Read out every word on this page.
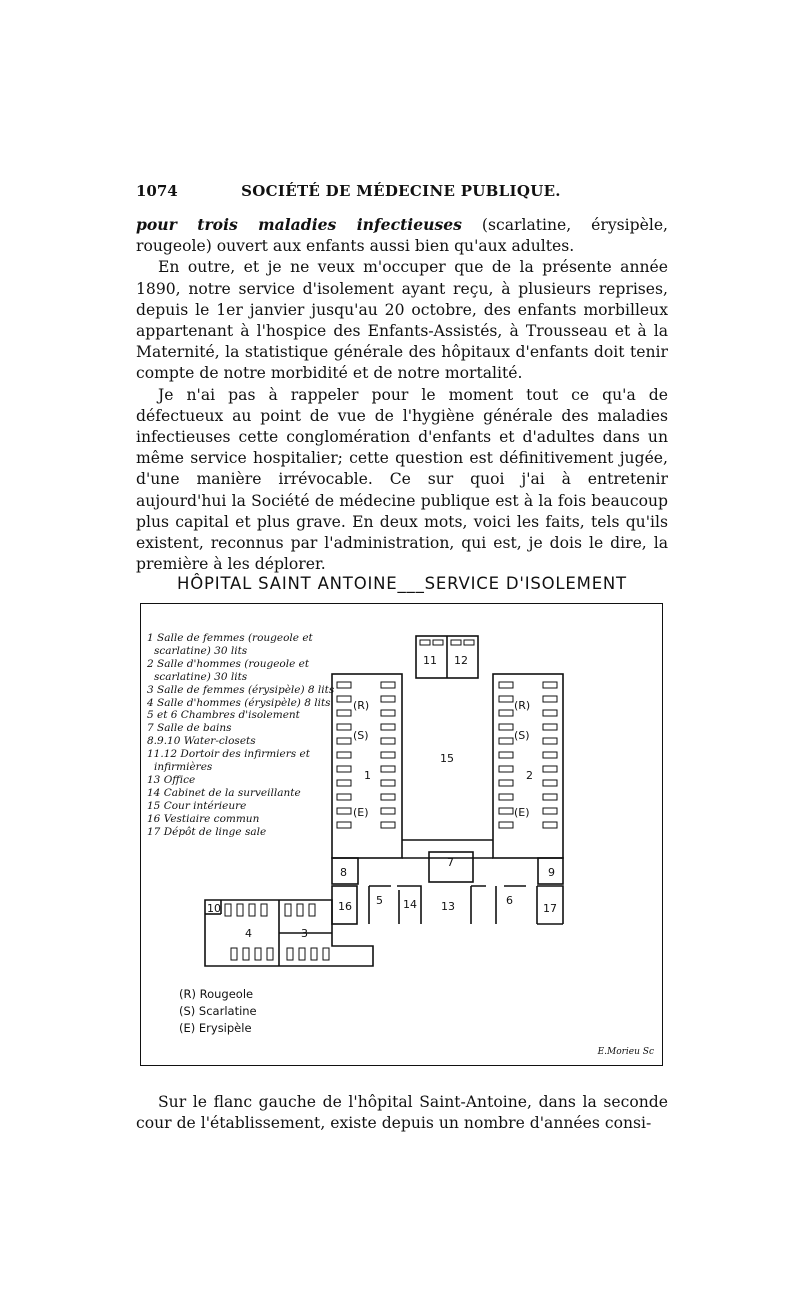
1074	SOCIÉTÉ DE MÉDECINE PUBLIQUE.

pour trois maladies infectieuses (scarlatine, érysipèle, rougeole) ouvert aux enfants aussi bien qu'aux adultes.

En outre, et je ne veux m'occuper que de la présente année 1890, notre service d'isolement ayant reçu, à plusieurs reprises, depuis le 1er janvier jusqu'au 20 octobre, des enfants morbilleux appartenant à l'hospice des Enfants-Assistés, à Trousseau et à la Maternité, la statistique générale des hôpitaux d'enfants doit tenir compte de notre morbidité et de notre mortalité.

Je n'ai pas à rappeler pour le moment tout ce qu'a de défectueux au point de vue de l'hygiène générale des maladies infectieuses cette conglomération d'enfants et d'adultes dans un même service hospitalier; cette question est définitivement jugée, d'une manière irrévocable. Ce sur quoi j'ai à entretenir aujourd'hui la Société de médecine publique est à la fois beaucoup plus capital et plus grave. En deux mots, voici les faits, tels qu'ils existent, reconnus par l'administration, qui est, je dois le dire, la première à les déplorer.

HÔPITAL SAINT ANTOINE___SERVICE D'ISOLEMENT
1	2
3
4
5	6
7
8	9
10
11 12
13
14
15
16	17
(R)	(R)
(S)	(S)
(E)	(E)
1 Salle de femmes (rougeole et
scarlatine) 30 lits
2 Salle d'hommes (rougeole et
scarlatine) 30 lits
3 Salle de femmes (érysipèle) 8 lits
4 Salle d'hommes (érysipèle) 8 lits
5 et 6 Chambres d'isolement
7 Salle de bains
8.9.10 Water-closets
11.12 Dortoir des infirmiers et
infirmières
13 Office
14 Cabinet de la surveillante
15 Cour intérieure
16 Vestiaire commun
17 Dépôt de linge sale
(R) Rougeole
(S) Scarlatine
(E) Erysipèle
E.Morieu Sc

Sur le flanc gauche de l'hôpital Saint-Antoine, dans la seconde cour de l'établissement, existe depuis un nombre d'années consi-
